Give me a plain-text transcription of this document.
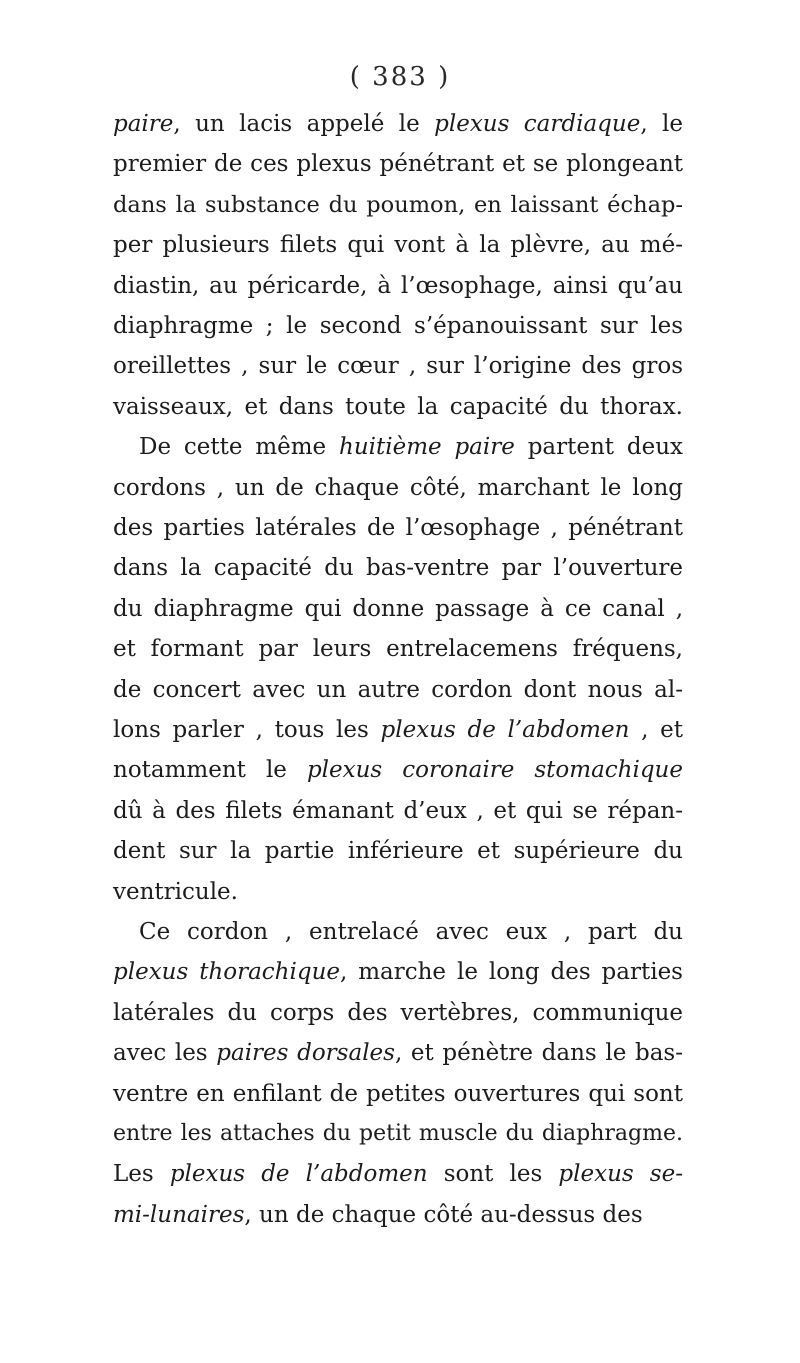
( 383 )
paire, un lacis appelé le plexus cardiaque, le
premier de ces plexus pénétrant et se plongeant
dans la substance du poumon, en laissant échap-
per plusieurs filets qui vont à la plèvre, au mé-
diastin, au péricarde, à l’œsophage, ainsi qu’au
diaphragme ; le second s’épanouissant sur les
oreillettes , sur le cœur , sur l’origine des gros
vaisseaux, et dans toute la capacité du thorax.
De cette même huitième paire partent deux
cordons , un de chaque côté, marchant le long
des parties latérales de l’œsophage , pénétrant
dans la capacité du bas-ventre par l’ouverture
du diaphragme qui donne passage à ce canal ,
et formant par leurs entrelacemens fréquens,
de concert avec un autre cordon dont nous al-
lons parler , tous les plexus de l’abdomen , et
notamment le plexus coronaire stomachique
dû à des filets émanant d’eux , et qui se répan-
dent sur la partie inférieure et supérieure du
ventricule.
Ce cordon , entrelacé avec eux , part du
plexus thorachique, marche le long des parties
latérales du corps des vertèbres, communique
avec les paires dorsales, et pénètre dans le bas-
ventre en enfilant de petites ouvertures qui sont
entre les attaches du petit muscle du diaphragme.
Les plexus de l’abdomen sont les plexus se-
mi-lunaires, un de chaque côté au-dessus des
